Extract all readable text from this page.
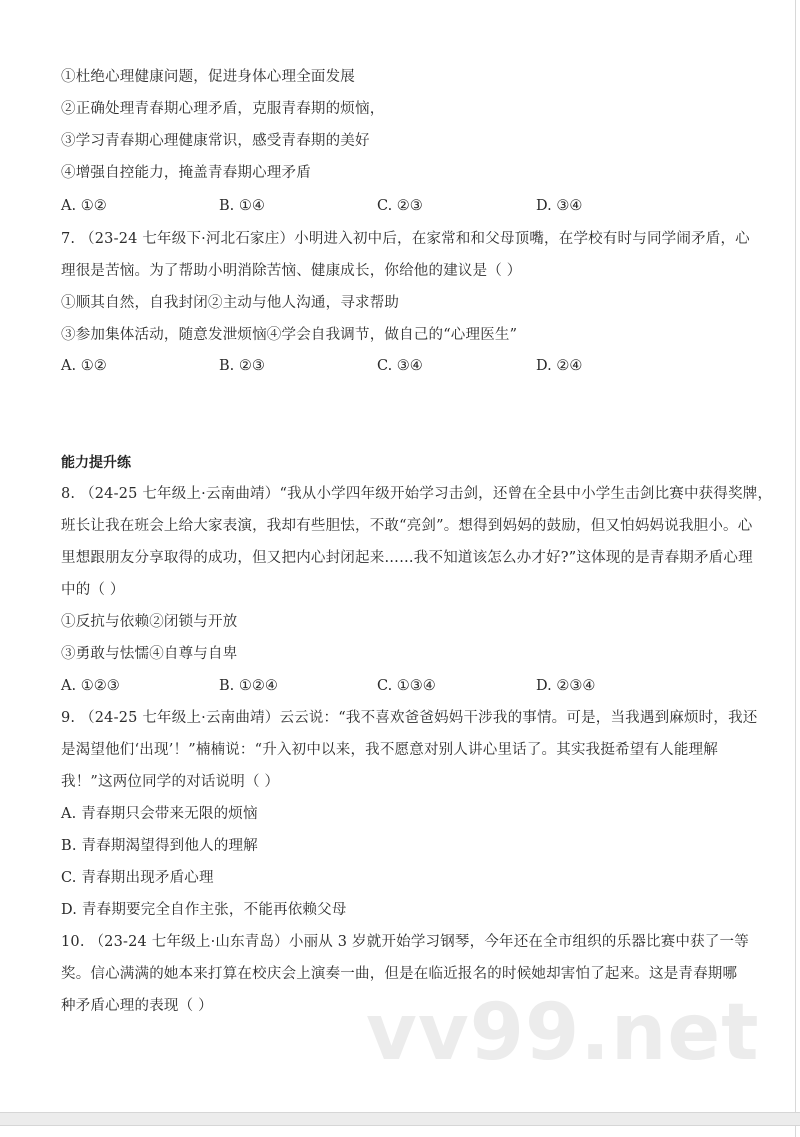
①杜绝心理健康问题，促进身体心理全面发展
②正确处理青春期心理矛盾，克服青春期的烦恼，
③学习青春期心理健康常识，感受青春期的美好
④增强自控能力，掩盖青春期心理矛盾
A. ①②	B. ①④	C. ②③	D. ③④
7. （23-24 七年级下·河北石家庄）小明进入初中后，在家常和和父母顶嘴，在学校有时与同学闹矛盾，心
理很是苦恼。为了帮助小明消除苦恼、健康成长，你给他的建议是（ ）
①顺其自然，自我封闭②主动与他人沟通，寻求帮助
③参加集体活动，随意发泄烦恼④学会自我调节，做自己的“心理医生”
A. ①②	B. ②③	C. ③④	D. ②④
能力提升练
8. （24-25 七年级上·云南曲靖）“我从小学四年级开始学习击剑，还曾在全县中小学生击剑比赛中获得奖牌，
班长让我在班会上给大家表演，我却有些胆怯，不敢“亮剑”。想得到妈妈的鼓励，但又怕妈妈说我胆小。心
里想跟朋友分享取得的成功，但又把内心封闭起来……我不知道该怎么办才好?”这体现的是青春期矛盾心理
中的（ ）
①反抗与依赖②闭锁与开放
③勇敢与怯懦④自尊与自卑
A. ①②③	B. ①②④	C. ①③④	D. ②③④
9. （24-25 七年级上·云南曲靖）云云说：“我不喜欢爸爸妈妈干涉我的事情。可是，当我遇到麻烦时，我还
是渴望他们‘出现’！”楠楠说：“升入初中以来，我不愿意对别人讲心里话了。其实我挺希望有人能理解
我！”这两位同学的对话说明（ ）
A. 青春期只会带来无限的烦恼
B. 青春期渴望得到他人的理解
C. 青春期出现矛盾心理
D. 青春期要完全自作主张，不能再依赖父母
10. （23-24 七年级上·山东青岛）小丽从 3 岁就开始学习钢琴，今年还在全市组织的乐器比赛中获了一等
奖。信心满满的她本来打算在校庆会上演奏一曲，但是在临近报名的时候她却害怕了起来。这是青春期哪
种矛盾心理的表现（ ） vv99.net
